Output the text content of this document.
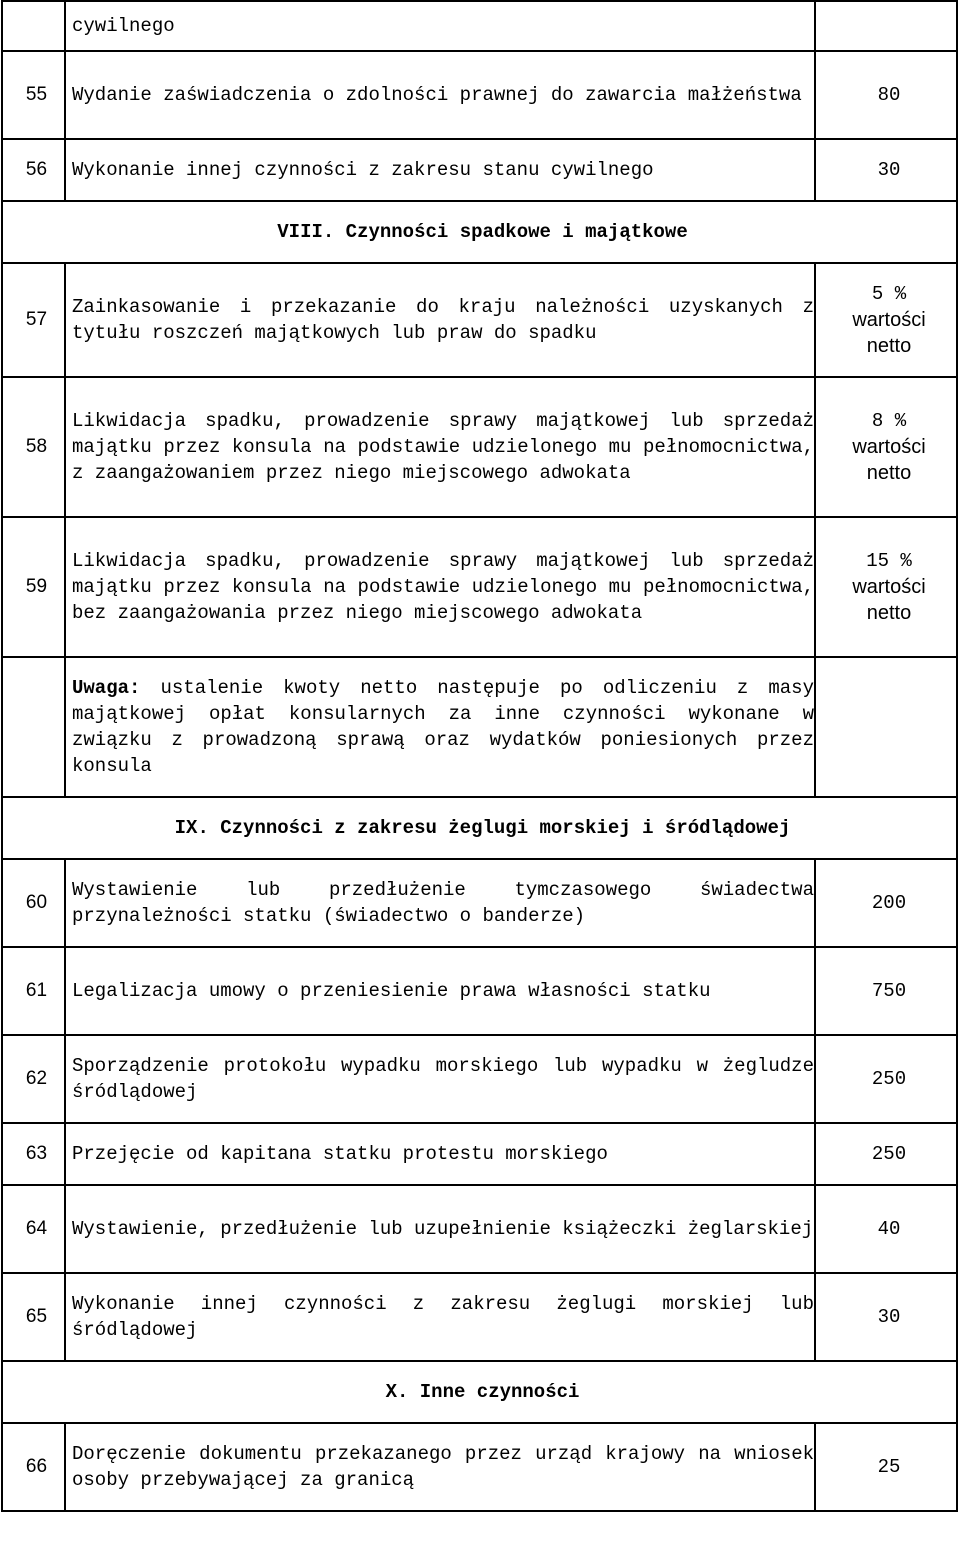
	cywilnego	
55	Wydanie zaświadczenia o zdolności prawnej do zawarcia małżeństwa	80
56	Wykonanie innej czynności z zakresu stanu cywilnego	30
VIII. Czynności spadkowe i majątkowe		
57	Zainkasowanie i przekazanie do kraju należności uzyskanych z tytułu roszczeń majątkowych lub praw do spadku	5 %
wartości
netto

58	Likwidacja spadku, prowadzenie sprawy majątkowej lub sprzedaż majątku przez konsula na podstawie udzielonego mu pełnomocnictwa, z zaangażowaniem przez niego miejscowego adwokata	8 %
wartości
netto

59	Likwidacja spadku, prowadzenie sprawy majątkowej lub sprzedaż majątku przez konsula na podstawie udzielonego mu pełnomocnictwa, bez zaangażowania przez niego miejscowego adwokata	15 %
wartości
netto

	Uwaga: ustalenie kwoty netto następuje po odliczeniu z masy majątkowej opłat konsularnych za inne czynności wykonane w związku z prowadzoną sprawą oraz wydatków poniesionych przez konsula	
IX. Czynności z zakresu żeglugi morskiej i śródlądowej		
60	Wystawienie lub przedłużenie tymczasowego świadectwa przynależności statku (świadectwo o banderze)	200
61	Legalizacja umowy o przeniesienie prawa własności statku	750
62	Sporządzenie protokołu wypadku morskiego lub wypadku w żegludze śródlądowej	250
63	Przejęcie od kapitana statku protestu morskiego	250
64	Wystawienie, przedłużenie lub uzupełnienie książeczki żeglarskiej	40
65	Wykonanie innej czynności z zakresu żeglugi morskiej lub śródlądowej	30
X. Inne czynności		
66	Doręczenie dokumentu przekazanego przez urząd krajowy na wniosek osoby przebywającej za granicą	25
